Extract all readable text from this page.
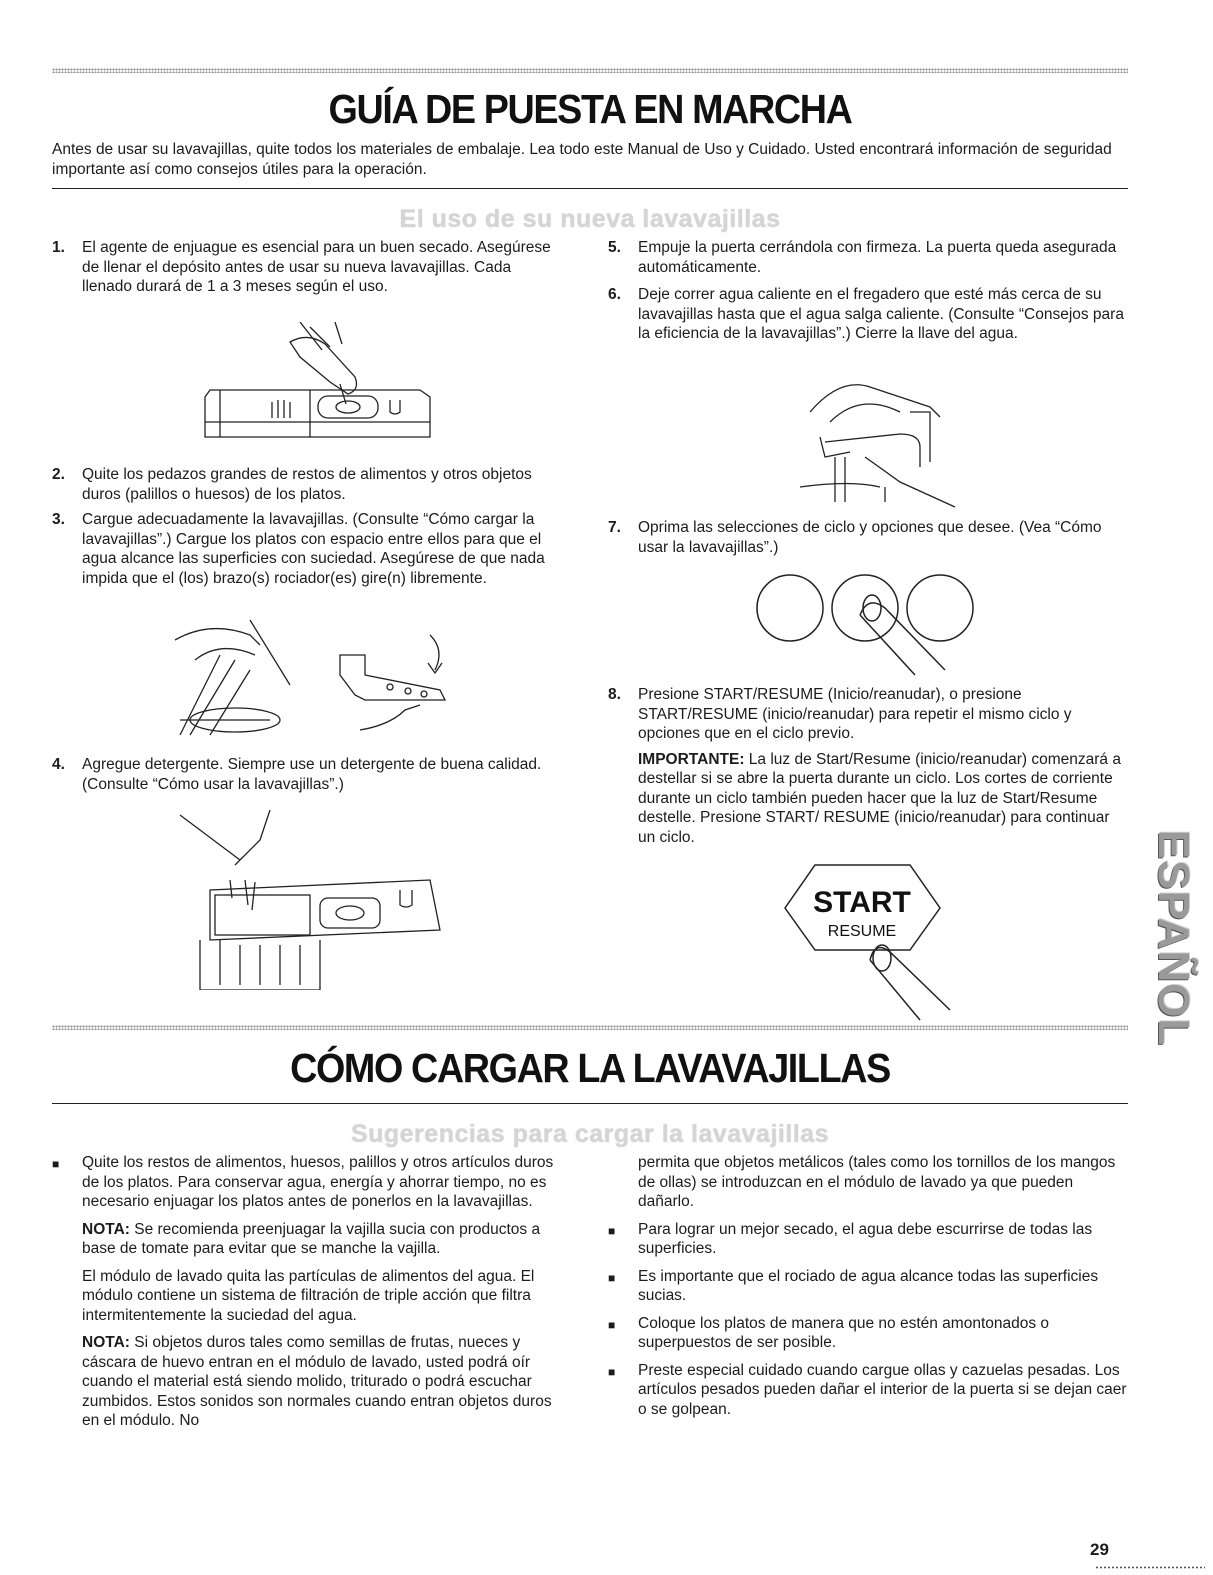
GUÍA DE PUESTA EN MARCHA
Antes de usar su lavavajillas, quite todos los materiales de embalaje. Lea todo este Manual de Uso y Cuidado. Usted encontrará información de seguridad importante así como consejos útiles para la operación.
El uso de su nueva lavavajillas

1. El agente de enjuague es esencial para un buen secado. Asegúrese de llenar el depósito antes de usar su nueva lavavajillas. Cada llenado durará de 1 a 3 meses según el uso.

2. Quite los pedazos grandes de restos de alimentos y otros objetos duros (palillos o huesos) de los platos.

3. Cargue adecuadamente la lavavajillas. (Consulte “Cómo cargar la lavavajillas”.) Cargue los platos con espacio entre ellos para que el agua alcance las superficies con suciedad. Asegúrese de que nada impida que el (los) brazo(s) rociador(es) gire(n) libremente.

4. Agregue detergente. Siempre use un detergente de buena calidad. (Consulte “Cómo usar la lavavajillas”.)

5. Empuje la puerta cerrándola con firmeza. La puerta queda asegurada automáticamente.

6. Deje correr agua caliente en el fregadero que esté más cerca de su lavavajillas hasta que el agua salga caliente. (Consulte “Consejos para la eficiencia de la lavavajillas”.) Cierre la llave del agua.

7. Oprima las selecciones de ciclo y opciones que desee. (Vea “Cómo usar la lavavajillas”.)

8. Presione START/RESUME (Inicio/reanudar), o presione START/RESUME (inicio/reanudar) para repetir el mismo ciclo y opciones que en el ciclo previo.

IMPORTANTE: La luz de Start/Resume (inicio/reanudar) comenzará a destellar si se abre la puerta durante un ciclo. Los cortes de corriente durante un ciclo también pueden hacer que la luz de Start/Resume destelle. Presione START/ RESUME (inicio/reanudar) para continuar un ciclo.

START
RESUME
CÓMO CARGAR LA LAVAVAJILLAS
Sugerencias para cargar la lavavajillas

■ Quite los restos de alimentos, huesos, palillos y otros artículos duros de los platos. Para conservar agua, energía y ahorrar tiempo, no es necesario enjuagar los platos antes de ponerlos en la lavavajillas.

NOTA: Se recomienda preenjuagar la vajilla sucia con productos a base de tomate para evitar que se manche la vajilla.

El módulo de lavado quita las partículas de alimentos del agua. El módulo contiene un sistema de filtración de triple acción que filtra intermitentemente la suciedad del agua.

NOTA: Si objetos duros tales como semillas de frutas, nueces y cáscara de huevo entran en el módulo de lavado, usted podrá oír cuando el material está siendo molido, triturado o podrá escuchar zumbidos. Estos sonidos son normales cuando entran objetos duros en el módulo. No

permita que objetos metálicos (tales como los tornillos de los mangos de ollas) se introduzcan en el módulo de lavado ya que pueden dañarlo.

■ Para lograr un mejor secado, el agua debe escurrirse de todas las superficies.

■ Es importante que el rociado de agua alcance todas las superficies sucias.

■ Coloque los platos de manera que no estén amontonados o superpuestos de ser posible.

■ Preste especial cuidado cuando cargue ollas y cazuelas pesadas. Los artículos pesados pueden dañar el interior de la puerta si se dejan caer o se golpean.

ESPAÑOL
29
